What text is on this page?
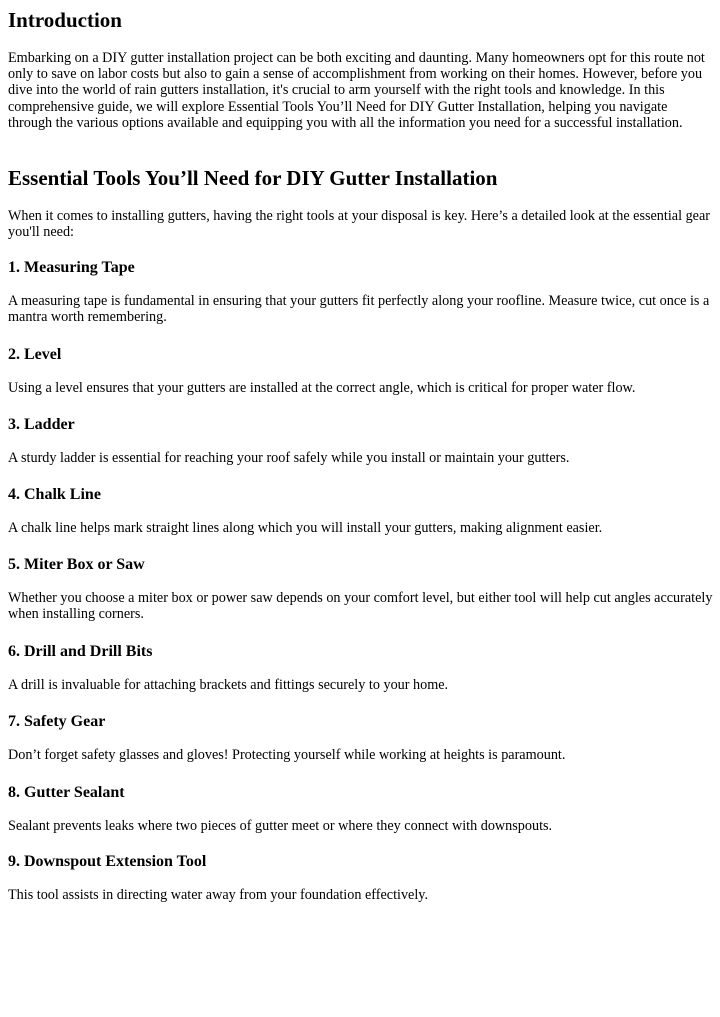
Introduction

Embarking on a DIY gutter installation project can be both exciting and daunting. Many homeowners opt for this route not only to save on labor costs but also to gain a sense of accomplishment from working on their homes. However, before you dive into the world of rain gutters installation, it's crucial to arm yourself with the right tools and knowledge. In this comprehensive guide, we will explore Essential Tools You’ll Need for DIY Gutter Installation, helping you navigate through the various options available and equipping you with all the information you need for a successful installation.

Essential Tools You’ll Need for DIY Gutter Installation

When it comes to installing gutters, having the right tools at your disposal is key. Here’s a detailed look at the essential gear you'll need:

1. Measuring Tape

A measuring tape is fundamental in ensuring that your gutters fit perfectly along your roofline. Measure twice, cut once is a mantra worth remembering.

2. Level

Using a level ensures that your gutters are installed at the correct angle, which is critical for proper water flow.

3. Ladder

A sturdy ladder is essential for reaching your roof safely while you install or maintain your gutters.

4. Chalk Line

A chalk line helps mark straight lines along which you will install your gutters, making alignment easier.

5. Miter Box or Saw

Whether you choose a miter box or power saw depends on your comfort level, but either tool will help cut angles accurately when installing corners.

6. Drill and Drill Bits

A drill is invaluable for attaching brackets and fittings securely to your home.

7. Safety Gear

Don’t forget safety glasses and gloves! Protecting yourself while working at heights is paramount.

8. Gutter Sealant

Sealant prevents leaks where two pieces of gutter meet or where they connect with downspouts.

9. Downspout Extension Tool

This tool assists in directing water away from your foundation effectively.
